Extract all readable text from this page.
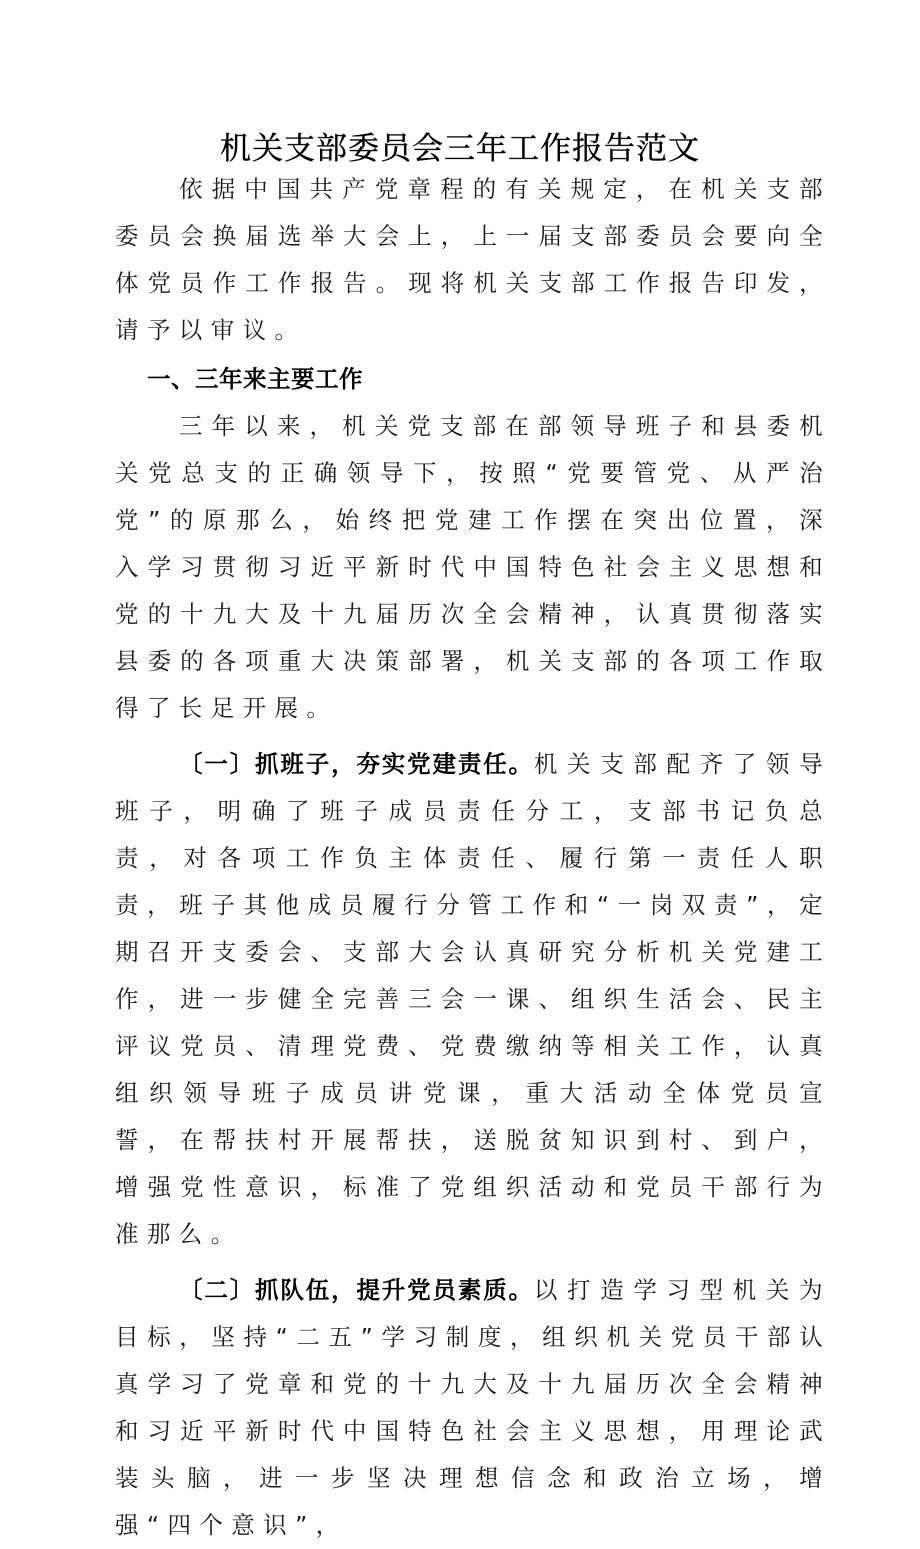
机关支部委员会三年工作报告范文

依据中国共产党章程的有关规定，在机关支部委员会换届选举大会上，上一届支部委员会要向全体党员作工作报告。现将机关支部工作报告印发，请予以审议。

一、三年来主要工作

三年以来，机关党支部在部领导班子和县委机关党总支的正确领导下，按照“党要管党、从严治党”的原那么，始终把党建工作摆在突出位置，深入学习贯彻习近平新时代中国特色社会主义思想和党的十九大及十九届历次全会精神，认真贯彻落实县委的各项重大决策部署，机关支部的各项工作取得了长足开展。

〔一〕抓班子，夯实党建责任。机关支部配齐了领导班子，明确了班子成员责任分工，支部书记负总责，对各项工作负主体责任、履行第一责任人职责，班子其他成员履行分管工作和“一岗双责”，定期召开支委会、支部大会认真研究分析机关党建工作，进一步健全完善三会一课、组织生活会、民主评议党员、清理党费、党费缴纳等相关工作，认真组织领导班子成员讲党课，重大活动全体党员宣誓，在帮扶村开展帮扶，送脱贫知识到村、到户，增强党性意识，标准了党组织活动和党员干部行为准那么。

〔二〕抓队伍，提升党员素质。以打造学习型机关为目标，坚持“二五”学习制度，组织机关党员干部认真学习了党章和党的十九大及十九届历次全会精神和习近平新时代中国特色社会主义思想，用理论武装头脑，进一步坚决理想信念和政治立场，增强“四个意识”，
